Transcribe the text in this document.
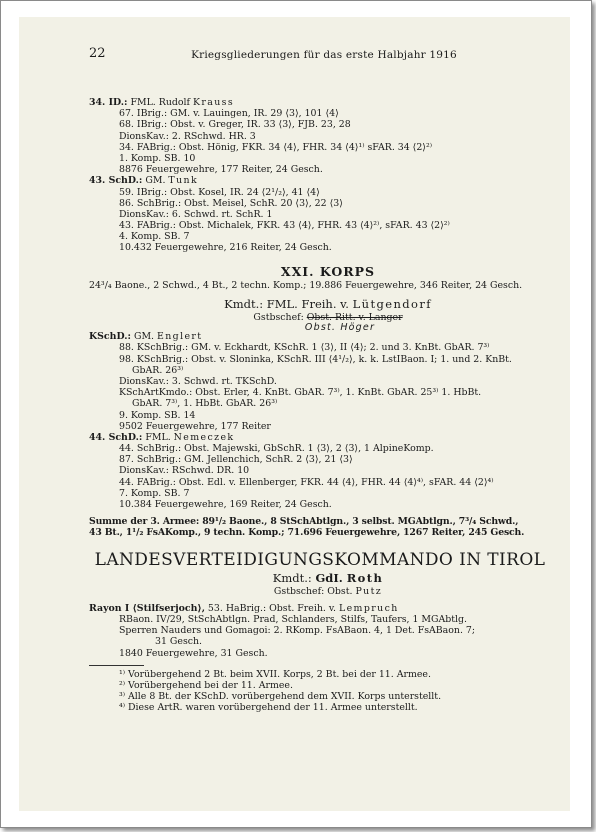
22	Kriegsgliederungen für das erste Halbjahr 1916
34. ID.: FML. Rudolf Krauss
67. IBrig.: GM. v. Lauingen, IR. 29 ⟨3⟩, 101 ⟨4⟩
68. IBrig.: Obst. v. Greger, IR. 33 ⟨3⟩, FJB. 23, 28
DionsKav.: 2. RSchwd. HR. 3
34. FABrig.: Obst. Hönig, FKR. 34 ⟨4⟩, FHR. 34 ⟨4⟩¹⁾ sFAR. 34 ⟨2⟩²⁾
1. Komp. SB. 10
8876 Feuergewehre, 177 Reiter, 24 Gesch.
43. SchD.: GM. Tunk
59. IBrig.: Obst. Kosel, IR. 24 ⟨2¹/₂⟩, 41 ⟨4⟩
86. SchBrig.: Obst. Meisel, SchR. 20 ⟨3⟩, 22 ⟨3⟩
DionsKav.: 6. Schwd. rt. SchR. 1
43. FABrig.: Obst. Michalek, FKR. 43 ⟨4⟩, FHR. 43 ⟨4⟩²⁾, sFAR. 43 ⟨2⟩²⁾
4. Komp. SB. 7
10.432 Feuergewehre, 216 Reiter, 24 Gesch.
XXI. KORPS
24³/₄ Baone., 2 Schwd., 4 Bt., 2 techn. Komp.; 19.886 Feuergewehre, 346 Reiter, 24 Gesch.
Kmdt.: FML. Freih. v. Lütgendorf
Gstbschef: Obst. Ritt. v. Langer
Obst. Höger
KSchD.: GM. Englert
88. KSchBrig.: GM. v. Eckhardt, KSchR. 1 ⟨3⟩, II ⟨4⟩; 2. und 3. KnBt. GbAR. 7³⁾
98. KSchBrig.: Obst. v. Sloninka, KSchR. III ⟨4¹/₂⟩, k. k. LstIBaon. I; 1. und 2. KnBt.
GbAR. 26³⁾
DionsKav.: 3. Schwd. rt. TKSchD.
KSchArtKmdo.: Obst. Erler, 4. KnBt. GbAR. 7³⁾, 1. KnBt. GbAR. 25³⁾ 1. HbBt.
GbAR. 7³⁾, 1. HbBt. GbAR. 26³⁾
9. Komp. SB. 14
9502 Feuergewehre, 177 Reiter
44. SchD.: FML. Nemeczek
44. SchBrig.: Obst. Majewski, GbSchR. 1 ⟨3⟩, 2 ⟨3⟩, 1 AlpineKomp.
87. SchBrig.: GM. Jellenchich, SchR. 2 ⟨3⟩, 21 ⟨3⟩
DionsKav.: RSchwd. DR. 10
44. FABrig.: Obst. Edl. v. Ellenberger, FKR. 44 ⟨4⟩, FHR. 44 ⟨4⟩⁴⁾, sFAR. 44 ⟨2⟩⁴⁾
7. Komp. SB. 7
10.384 Feuergewehre, 169 Reiter, 24 Gesch.
Summe der 3. Armee: 89¹/₂ Baone., 8 StSchAbtlgn., 3 selbst. MGAbtlgn., 7³/₄ Schwd.,
43 Bt., 1¹/₂ FsAKomp., 9 techn. Komp.; 71.696 Feuergewehre, 1267 Reiter, 245 Gesch.
LANDESVERTEIDIGUNGSKOMMANDO IN TIROL
Kmdt.: GdI. Roth
Gstbschef: Obst. Putz
Rayon I ⟨Stilfserjoch⟩, 53. HaBrig.: Obst. Freih. v. Lempruch
RBaon. IV/29, StSchAbtlgn. Prad, Schlanders, Stilfs, Taufers, 1 MGAbtlg.
Sperren Nauders und Gomagoi: 2. RKomp. FsABaon. 4, 1 Det. FsABaon. 7;
31 Gesch.
1840 Feuergewehre, 31 Gesch.
¹⁾ Vorübergehend 2 Bt. beim XVII. Korps, 2 Bt. bei der 11. Armee.
²⁾ Vorübergehend bei der 11. Armee.
³⁾ Alle 8 Bt. der KSchD. vorübergehend dem XVII. Korps unterstellt.
⁴⁾ Diese ArtR. waren vorübergehend der 11. Armee unterstellt.
